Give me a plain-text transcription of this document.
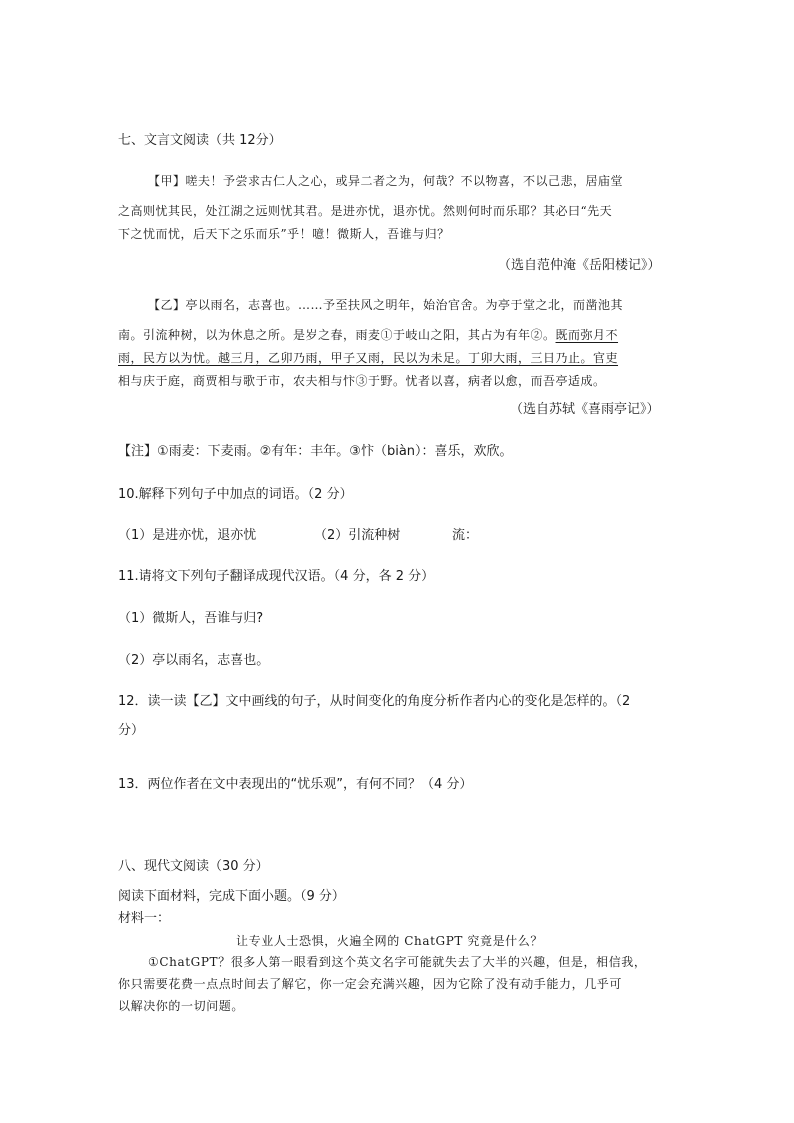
七、文言文阅读（共 12分）
【甲】嗟夫！予尝求古仁人之心，或异二者之为，何哉？不以物喜，不以己悲，居庙堂
之高则忧其民，处江湖之远则忧其君。是进亦忧，退亦忧。然则何时而乐耶？其必曰“先天
下之忧而忧，后天下之乐而乐”乎！噫！微斯人，吾谁与归？
（选自范仲淹《岳阳楼记》）
【乙】亭以雨名，志喜也。……予至扶风之明年，始治官舍。为亭于堂之北，而凿池其
南。引流种树，以为休息之所。是岁之春，雨麦①于岐山之阳，其占为有年②。既而弥月不
雨，民方以为忧。越三月，乙卯乃雨，甲子又雨，民以为未足。丁卯大雨，三日乃止。官吏
相与庆于庭，商贾相与歌于市，农夫相与忭③于野。忧者以喜，病者以愈，而吾亭适成。
（选自苏轼《喜雨亭记》）
【注】①雨麦：下麦雨。②有年：丰年。③忭（biàn）：喜乐，欢欣。
10.解释下列句子中加点的词语。（2 分）
（1）是进亦忧，退亦忧	（2）引流种树	流：
11.请将文下列句子翻译成现代汉语。（4 分，各 2 分）
（1）微斯人，吾谁与归?
（2）亭以雨名，志喜也。
12．读一读【乙】文中画线的句子，从时间变化的角度分析作者内心的变化是怎样的。（2
分）
13．两位作者在文中表现出的“忧乐观”，有何不同？（4 分）
八、现代文阅读（30 分）
阅读下面材料，完成下面小题。（9 分）
材料一：
让专业人士恐惧，火遍全网的 ChatGPT 究竟是什么？
①ChatGPT？很多人第一眼看到这个英文名字可能就失去了大半的兴趣，但是，相信我，
你只需要花费一点点时间去了解它，你一定会充满兴趣，因为它除了没有动手能力，几乎可
以解决你的一切问题。
